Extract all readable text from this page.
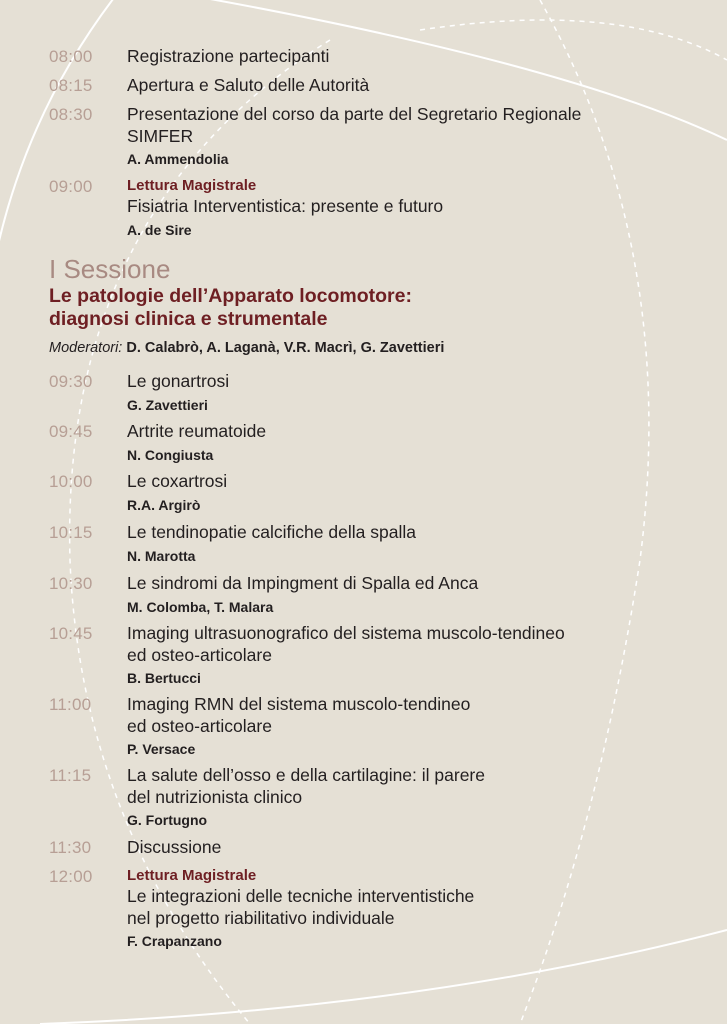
08:00 Registrazione partecipanti
08:15 Apertura e Saluto delle Autorità
08:30 Presentazione del corso da parte del Segretario Regionale
SIMFER
A. Ammendolia
09:00 Lettura Magistrale
Fisiatria Interventistica: presente e futuro
A. de Sire
I Sessione
Le patologie dell’Apparato locomotore:
diagnosi clinica e strumentale
Moderatori: D. Calabrò, A. Laganà, V.R. Macrì, G. Zavettieri
09:30 Le gonartrosi
G. Zavettieri
09:45 Artrite reumatoide
N. Congiusta
10:00 Le coxartrosi
R.A. Argirò
10:15 Le tendinopatie calcifiche della spalla
N. Marotta
10:30 Le sindromi da Impingment di Spalla ed Anca
M. Colomba, T. Malara
10:45 Imaging ultrasuonografico del sistema muscolo-tendineo
ed osteo-articolare
B. Bertucci
11:00 Imaging RMN del sistema muscolo-tendineo
ed osteo-articolare
P. Versace
11:15 La salute dell’osso e della cartilagine: il parere
del nutrizionista clinico
G. Fortugno
11:30 Discussione
12:00 Lettura Magistrale
Le integrazioni delle tecniche interventistiche
nel progetto riabilitativo individuale
F. Crapanzano
